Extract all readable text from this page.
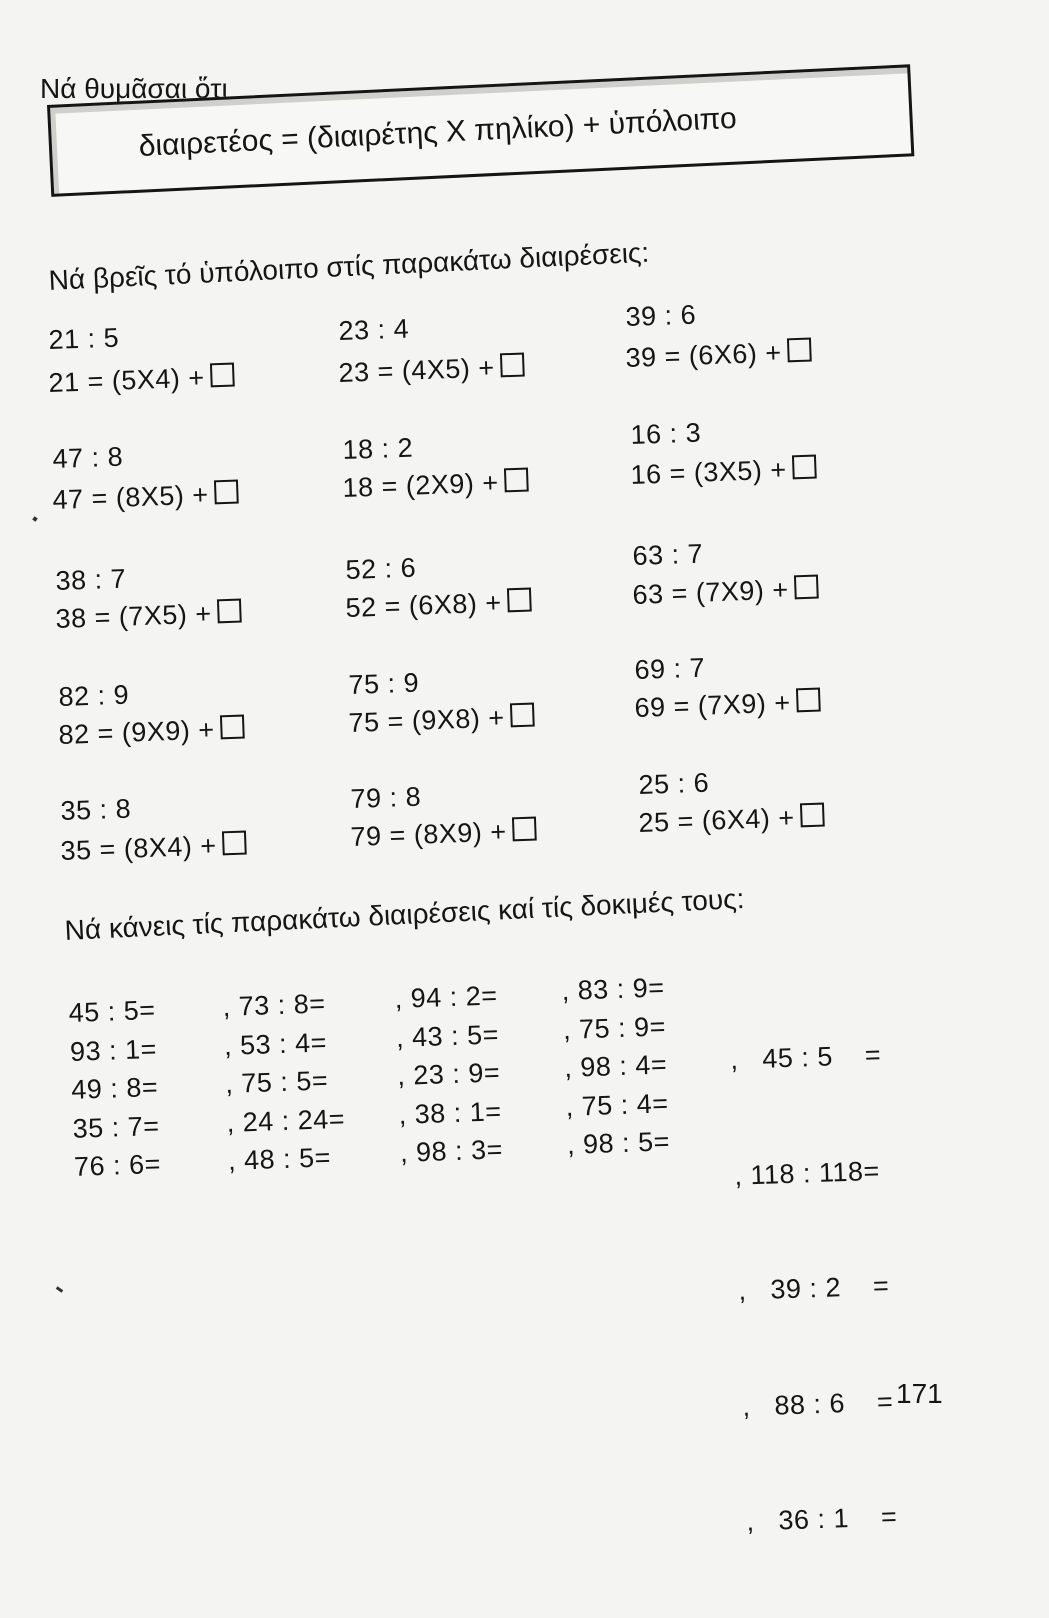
Νά θυμᾶσαι ὅτι
διαιρετέος = (διαιρέτης Χ πηλίκο) + ὑπόλοιπο
Νά βρεῖς τό ὑπόλοιπο στίς παρακάτω διαιρέσεις:
21 : 5
21 = (5X4) +
23 : 4
23 = (4X5) +
39 : 6
39 = (6X6) +
47 : 8
47 = (8X5) +
18 : 2
18 = (2X9) +
16 : 3
16 = (3X5) +
38 : 7
38 = (7X5) +
52 : 6
52 = (6X8) +
63 : 7
63 = (7X9) +
82 : 9
82 = (9X9) +
75 : 9
75 = (9X8) +
69 : 7
69 = (7X9) +
35 : 8
35 = (8X4) +
79 : 8
79 = (8X9) +
25 : 6
25 = (6X4) +
Νά κάνεις τίς παρακάτω διαιρέσεις καί τίς δοκιμές τους:
45 : 5=
93 : 1=
49 : 8=
35 : 7=
76 : 6=
, 73 : 8=
, 53 : 4=
, 75 : 5=
, 24 : 24=
, 48 : 5=
, 94 : 2=
, 43 : 5=
, 23 : 9=
, 38 : 1=
, 98 : 3=
, 83 : 9=
, 75 : 9=
, 98 : 4=
, 75 : 4=
, 98 : 5=

,   45 : 5    =

, 118 : 118=

,   39 : 2    =

,   88 : 6    =

,   36 : 1    =

171
